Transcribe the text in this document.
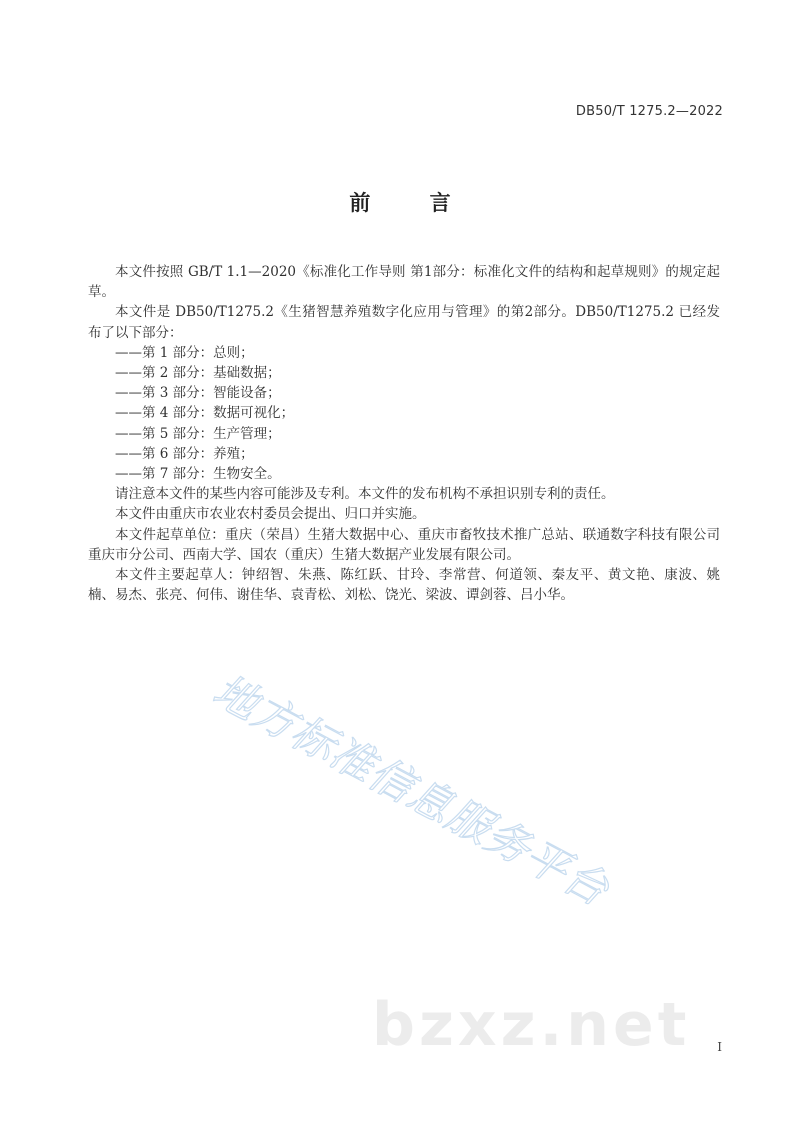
DB50/T 1275.2—2022
前 言

本文件按照 GB/T 1.1—2020《标准化工作导则 第1部分：标准化文件的结构和起草规则》的规定起草。

本文件是 DB50/T1275.2《生猪智慧养殖数字化应用与管理》的第2部分。DB50/T1275.2 已经发布了以下部分：

——第 1 部分：总则；
——第 2 部分：基础数据；
——第 3 部分：智能设备；
——第 4 部分：数据可视化；
——第 5 部分：生产管理；
——第 6 部分：养殖；
——第 7 部分：生物安全。

请注意本文件的某些内容可能涉及专利。本文件的发布机构不承担识别专利的责任。

本文件由重庆市农业农村委员会提出、归口并实施。

本文件起草单位：重庆（荣昌）生猪大数据中心、重庆市畜牧技术推广总站、联通数字科技有限公司重庆市分公司、西南大学、国农（重庆）生猪大数据产业发展有限公司。

本文件主要起草人：钟绍智、朱燕、陈红跃、甘玲、李常营、何道领、秦友平、黄文艳、康波、姚楠、易杰、张亮、何伟、谢佳华、袁青松、刘松、饶光、梁波、谭剑蓉、吕小华。

地方标准信息服务平台
bzxz.net I
